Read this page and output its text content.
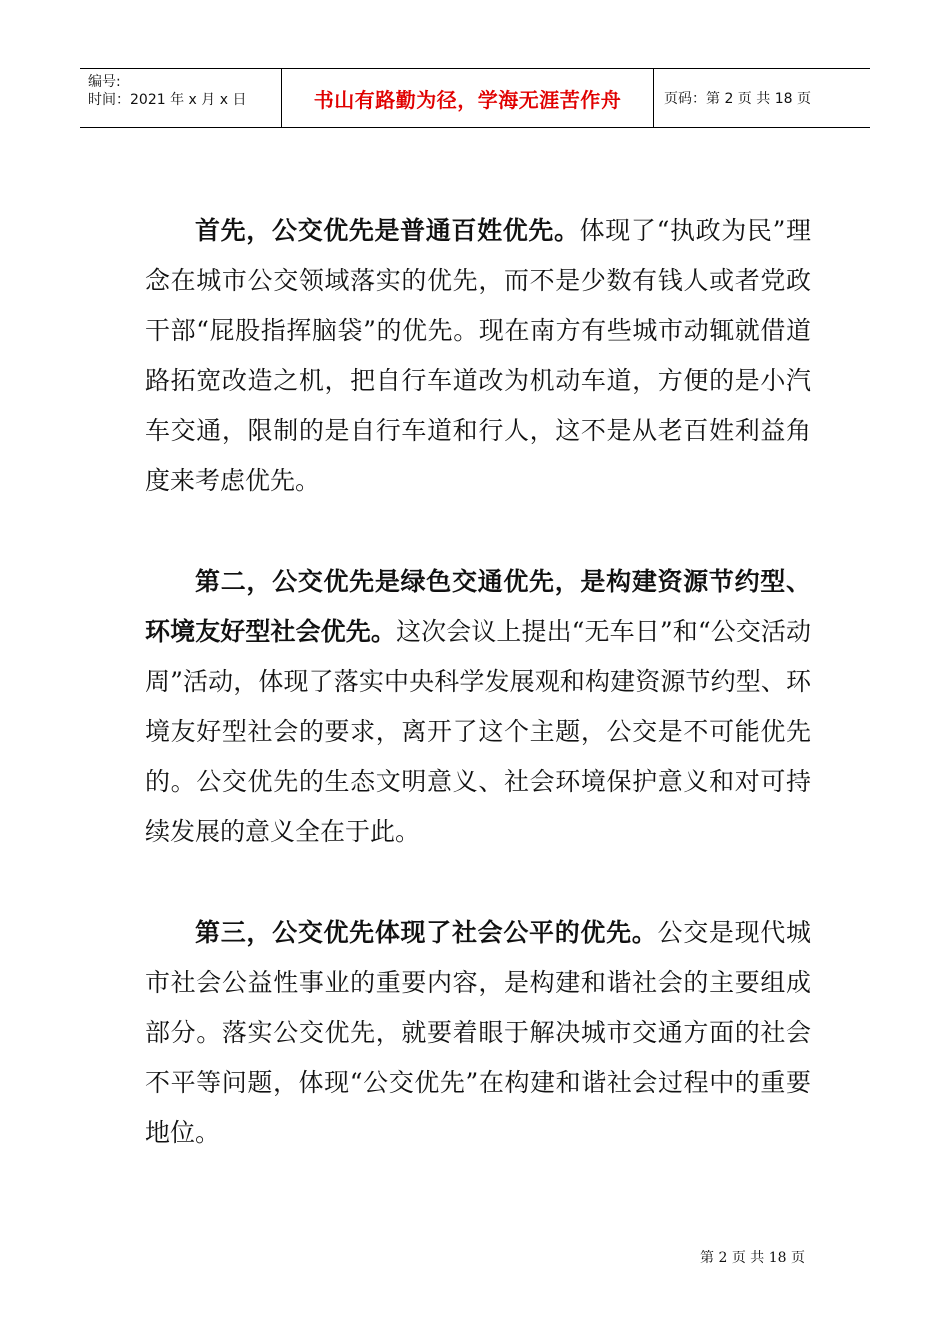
编号:
时间：2021 年 x 月 x 日	书山有路勤为径，学海无涯苦作舟	页码：第 2 页 共 18 页

首先，公交优先是普通百姓优先。体现了“执政为民”理念在城市公交领域落实的优先，而不是少数有钱人或者党政干部“屁股指挥脑袋”的优先。现在南方有些城市动辄就借道路拓宽改造之机，把自行车道改为机动车道，方便的是小汽车交通，限制的是自行车道和行人，这不是从老百姓利益角度来考虑优先。

第二，公交优先是绿色交通优先，是构建资源节约型、环境友好型社会优先。这次会议上提出“无车日”和“公交活动周”活动，体现了落实中央科学发展观和构建资源节约型、环境友好型社会的要求，离开了这个主题，公交是不可能优先的。公交优先的生态文明意义、社会环境保护意义和对可持续发展的意义全在于此。

第三，公交优先体现了社会公平的优先。公交是现代城市社会公益性事业的重要内容，是构建和谐社会的主要组成部分。落实公交优先，就要着眼于解决城市交通方面的社会不平等问题，体现“公交优先”在构建和谐社会过程中的重要地位。

第 2 页 共 18 页
